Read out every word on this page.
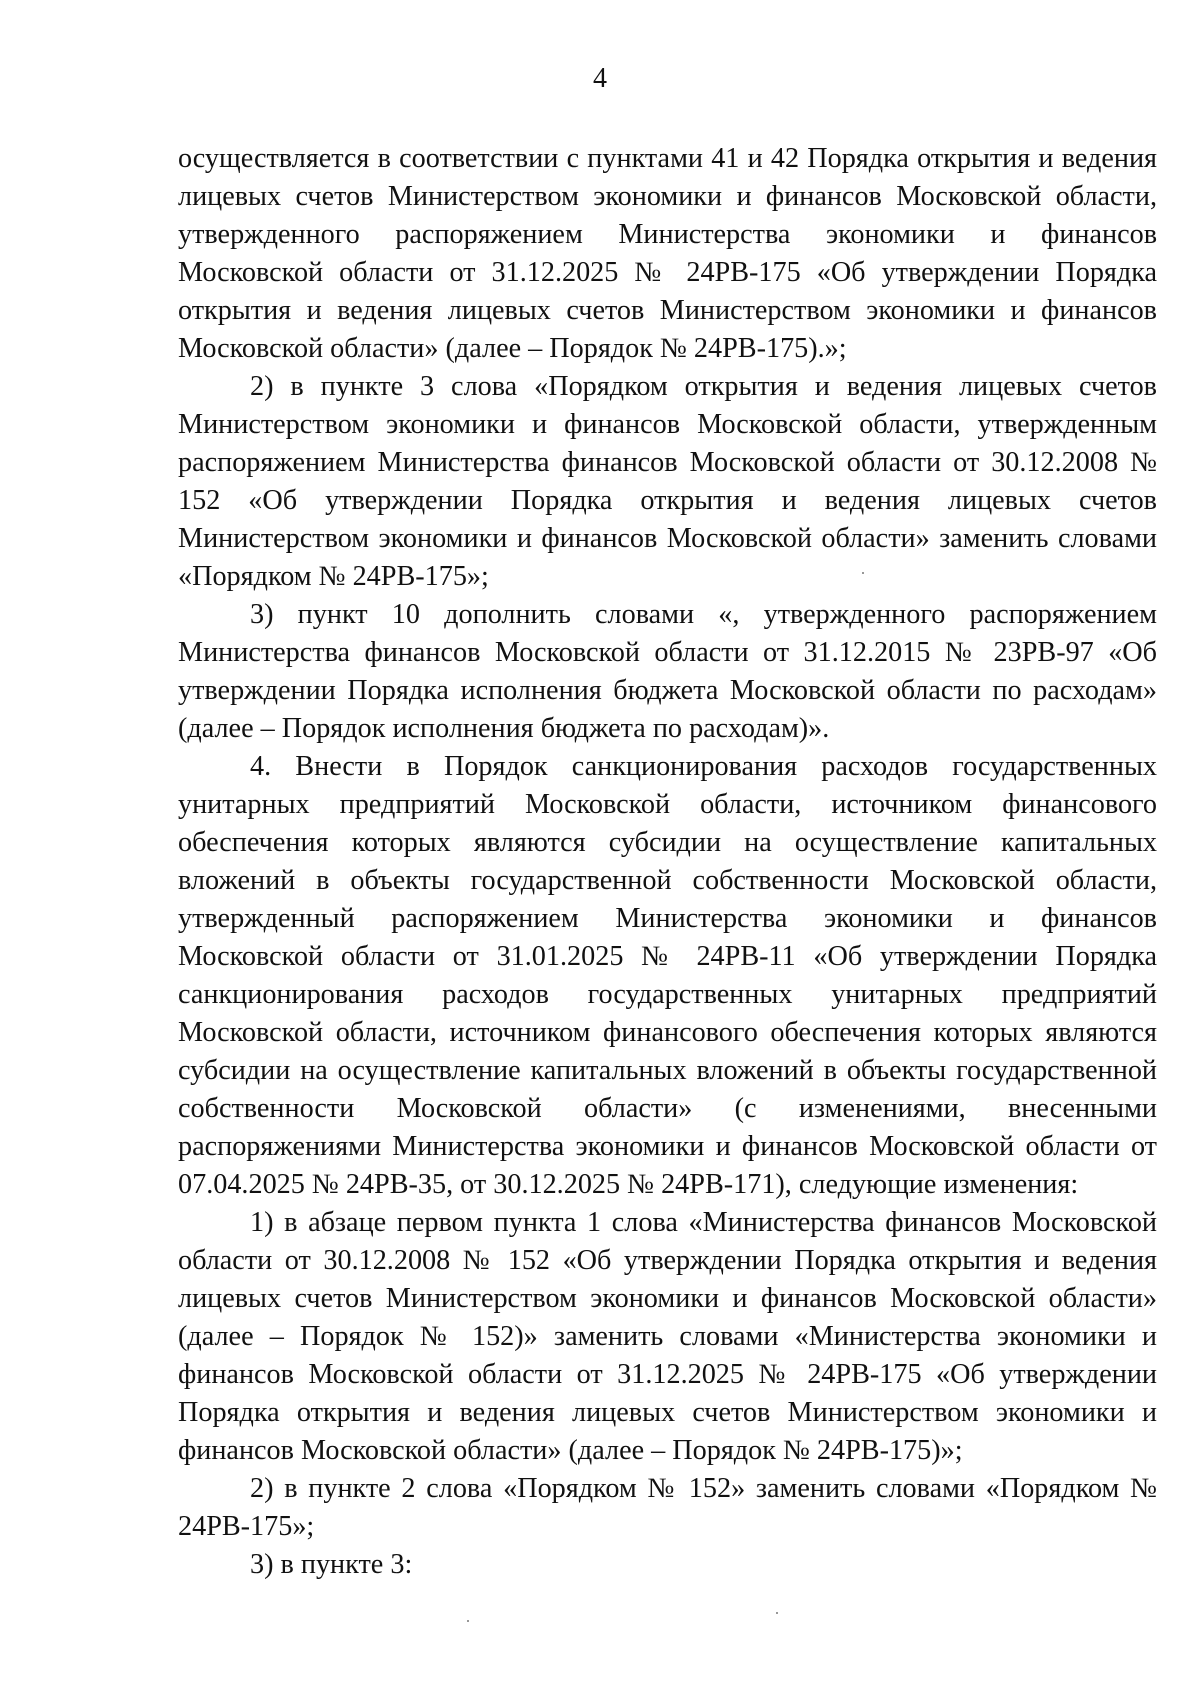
4

осуществляется в соответствии с пунктами 41 и 42 Порядка открытия и ведения лицевых счетов Министерством экономики и финансов Московской области, утвержденного распоряжением Министерства экономики и финансов Московской области от 31.12.2025 № 24РВ-175 «Об утверждении Порядка открытия и ведения лицевых счетов Министерством экономики и финансов Московской области» (далее – Порядок № 24РВ-175).»;

2) в пункте 3 слова «Порядком открытия и ведения лицевых счетов Министерством экономики и финансов Московской области, утвержденным распоряжением Министерства финансов Московской области от 30.12.2008 № 152 «Об утверждении Порядка открытия и ведения лицевых счетов Министерством экономики и финансов Московской области» заменить словами «Порядком № 24РВ-175»;

3) пункт 10 дополнить словами «, утвержденного распоряжением Министерства финансов Московской области от 31.12.2015 № 23РВ-97 «Об утверждении Порядка исполнения бюджета Московской области по расходам» (далее – Порядок исполнения бюджета по расходам)».

4. Внести в Порядок санкционирования расходов государственных унитарных предприятий Московской области, источником финансового обеспечения которых являются субсидии на осуществление капитальных вложений в объекты государственной собственности Московской области, утвержденный распоряжением Министерства экономики и финансов Московской области от 31.01.2025 № 24РВ-11 «Об утверждении Порядка санкционирования расходов государственных унитарных предприятий Московской области, источником финансового обеспечения которых являются субсидии на осуществление капитальных вложений в объекты государственной собственности Московской области» (с изменениями, внесенными распоряжениями Министерства экономики и финансов Московской области от 07.04.2025 № 24РВ-35, от 30.12.2025 № 24РВ-171), следующие изменения:

1) в абзаце первом пункта 1 слова «Министерства финансов Московской области от 30.12.2008 № 152 «Об утверждении Порядка открытия и ведения лицевых счетов Министерством экономики и финансов Московской области» (далее – Порядок № 152)» заменить словами «Министерства экономики и финансов Московской области от 31.12.2025 № 24РВ-175 «Об утверждении Порядка открытия и ведения лицевых счетов Министерством экономики и финансов Московской области» (далее – Порядок № 24РВ-175)»;

2) в пункте 2 слова «Порядком № 152» заменить словами «Порядком № 24РВ-175»;

3) в пункте 3:
